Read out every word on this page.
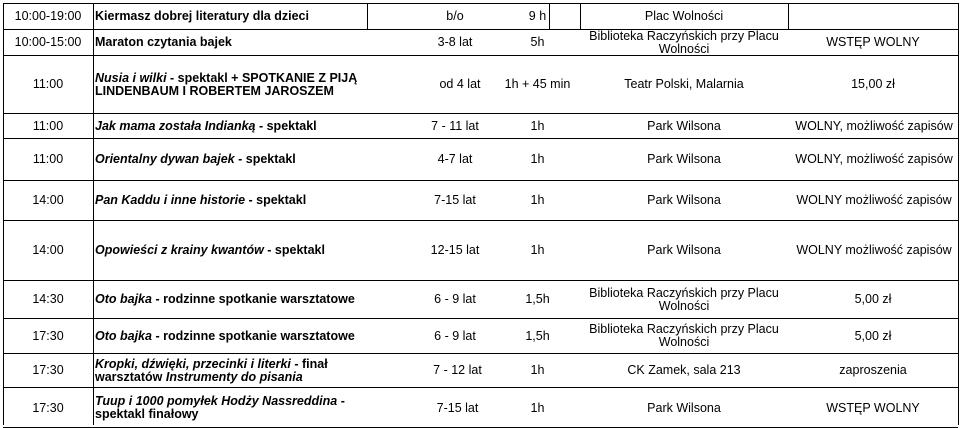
10:00-19:00 Kiermasz dobrej literatury dla dzieci	b/o	9 h	Plac Wolności
10:00-15:00 Maraton czytania bajek	3-8 lat	5h	Biblioteka Raczyńskich przy Placu Wolności	WSTĘP WOLNY
11:00	Nusia i wilki - spektakl + SPOTKANIE Z PIJĄ LINDENBAUM I ROBERTEM JAROSZEM	od 4 lat 1h + 45 min	Teatr Polski, Malarnia	15,00 zł
11:00	Jak mama została Indianką - spektakl	7 - 11 lat	1h	Park Wilsona	WOLNY, możliwość zapisów
11:00	Orientalny dywan bajek - spektakl	4-7 lat	1h	Park Wilsona	WOLNY, możliwość zapisów
14:00	Pan Kaddu i inne historie - spektakl	7-15 lat	1h	Park Wilsona	WOLNY możliwość zapisów
14:00	Opowieści z krainy kwantów - spektakl	12-15 lat	1h	Park Wilsona	WOLNY możliwość zapisów
14:30	Oto bajka - rodzinne spotkanie warsztatowe	6 - 9 lat	1,5h	Biblioteka Raczyńskich przy Placu Wolności	5,00 zł
17:30	Oto bajka - rodzinne spotkanie warsztatowe	6 - 9 lat	1,5h	Biblioteka Raczyńskich przy Placu Wolności	5,00 zł
17:30	Kropki, dźwięki, przecinki i literki - finał warsztatów Instrumenty do pisania	7 - 12 lat	1h	CK Zamek, sala 213	zaproszenia
17:30	Tuup i 1000 pomyłek Hodży Nassreddina - spektakl finałowy	7-15 lat	1h	Park Wilsona	WSTĘP WOLNY
